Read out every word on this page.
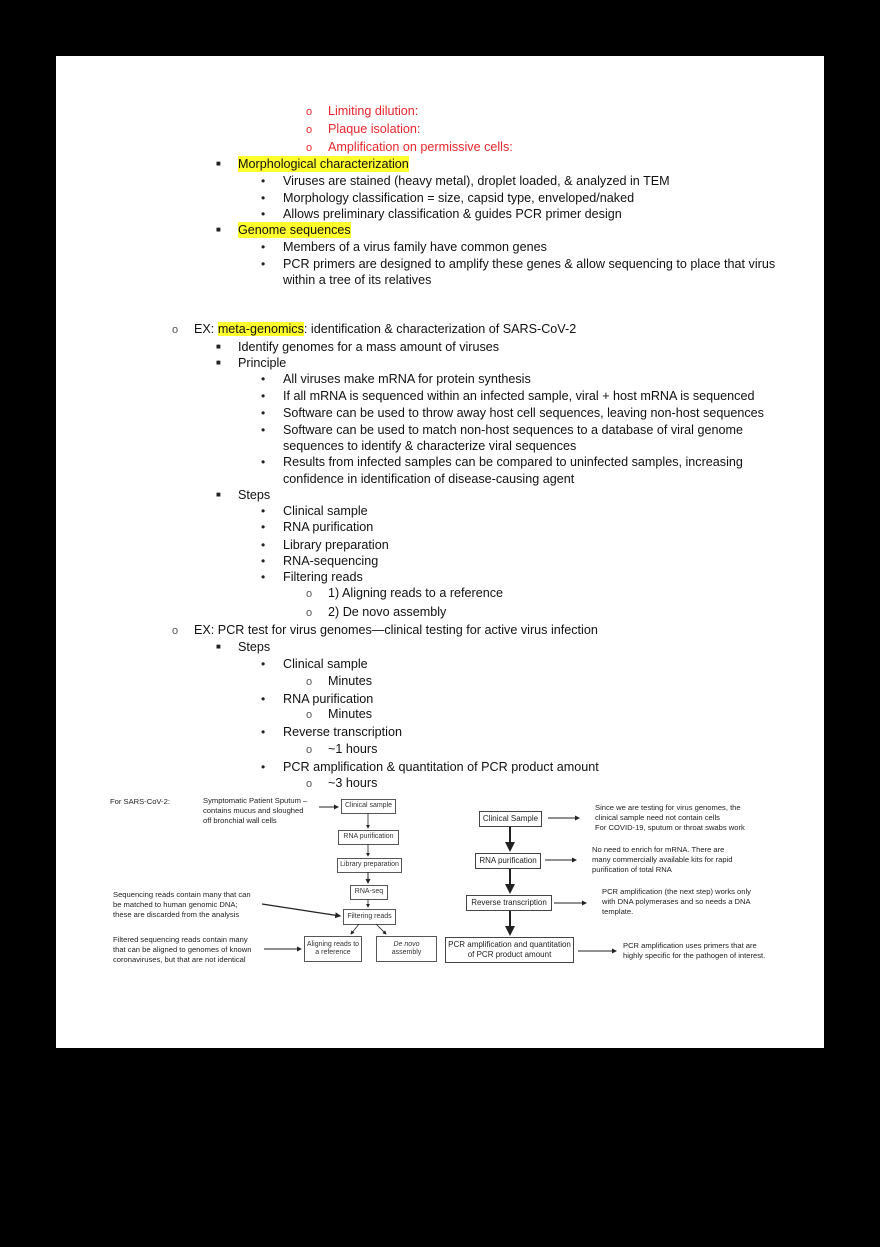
o Limiting dilution:
o Plaque isolation:
o Amplification on permissive cells:
■ Morphological characterization
• Viruses are stained (heavy metal), droplet loaded, & analyzed in TEM
• Morphology classification = size, capsid type, enveloped/naked
• Allows preliminary classification & guides PCR primer design
■ Genome sequences
• Members of a virus family have common genes
• PCR primers are designed to amplify these genes & allow sequencing to place that virus
within a tree of its relatives
o EX: meta-genomics: identification & characterization of SARS-CoV-2
■ Identify genomes for a mass amount of viruses
■ Principle
• All viruses make mRNA for protein synthesis
• If all mRNA is sequenced within an infected sample, viral + host mRNA is sequenced
• Software can be used to throw away host cell sequences, leaving non-host sequences
• Software can be used to match non-host sequences to a database of viral genome
sequences to identify & characterize viral sequences
• Results from infected samples can be compared to uninfected samples, increasing
confidence in identification of disease-causing agent
■ Steps
• Clinical sample
• RNA purification
• Library preparation
• RNA-sequencing
• Filtering reads
o 1) Aligning reads to a reference
o 2) De novo assembly
o EX: PCR test for virus genomes—clinical testing for active virus infection
■ Steps
• Clinical sample
o Minutes
• RNA purification
o Minutes
• Reverse transcription
o ~1 hours
• PCR amplification & quantitation of PCR product amount
o ~3 hours
For SARS-CoV-2:	Symptomatic Patient Sputum –
contains mucus and sloughed
off bronchial wall cells
Sequencing reads contain many that can
be matched to human genomic DNA;
these are discarded from the analysis
Filtered sequencing reads contain many
that can be aligned to genomes of known
coronaviruses, but that are not identical
Clinical sample
RNA purification
Library preparation
RNA-seq
Filtering reads
Aligning reads to
a reference
De novo
assembly
Clinical Sample
RNA purification
Reverse transcription
PCR amplification and quantitation
of PCR product amount
Since we are testing for virus genomes, the
clinical sample need not contain cells
For COVID-19, sputum or throat swabs work
No need to enrich for mRNA. There are
many commercially available kits for rapid
purification of total RNA
PCR amplification (the next step) works only
with DNA polymerases and so needs a DNA
template.
PCR amplification uses primers that are
highly specific for the pathogen of interest.
